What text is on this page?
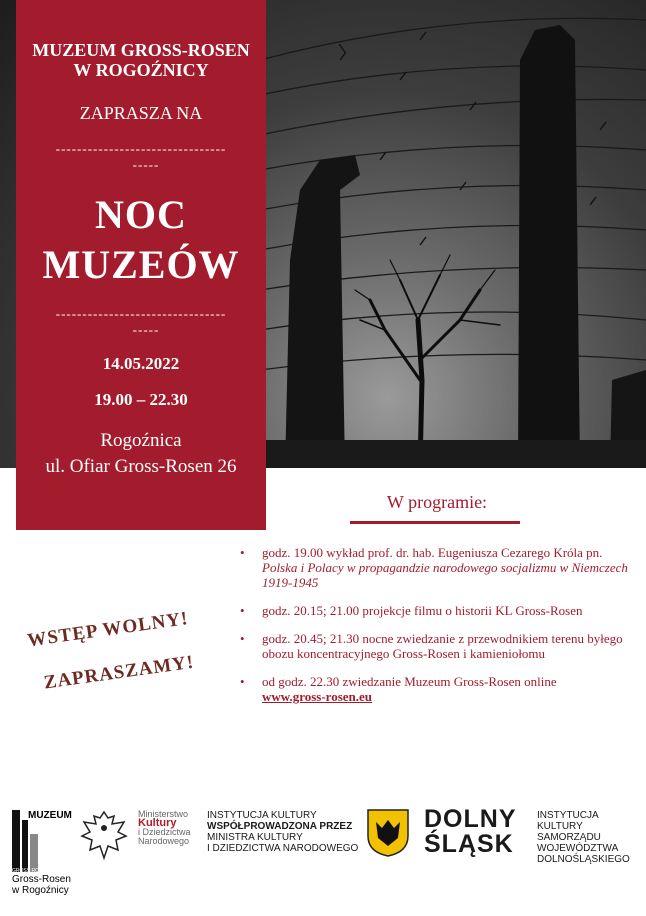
MUZEUM GROSS-ROSEN
W ROGOŹNICY
ZAPRASZA NA
--------------------------------
-----
NOC
MUZEÓW
--------------------------------
-----
14.05.2022
19.00 – 22.30
Rogoźnica
ul. Ofiar Gross-Rosen 26
W programie:
• godz. 19.00 wykład prof. dr. hab. Eugeniusza Cezarego Króla pn. Polska i Polacy w propagandzie narodowego socjalizmu w Niemczech 1919-1945
• godz. 20.15; 21.00 projekcje filmu o historii KL Gross-Rosen
• godz. 20.45; 21.30 nocne zwiedzanie z przewodnikiem terenu byłego obozu koncentracyjnego Gross-Rosen i kamieniołomu
• od godz. 22.30 zwiedzanie Muzeum Gross-Rosen online
www.gross-rosen.eu
WSTĘP WOLNY!
ZAPRASZAMY!
MUZEUM
GROSS ROSEN
Gross-Rosen
w Rogoźnicy
Ministerstwo
Kultury
i Dziedzictwa
Narodowego
INSTYTUCJA KULTURY
WSPÓŁPROWADZONA PRZEZ
MINISTRA KULTURY
I DZIEDZICTWA NARODOWEGO
DOLNY
ŚLĄSK
INSTYTUCJA KULTURY
SAMORZĄDU
WOJEWÓDZTWA
DOLNOŚLĄSKIEGO
